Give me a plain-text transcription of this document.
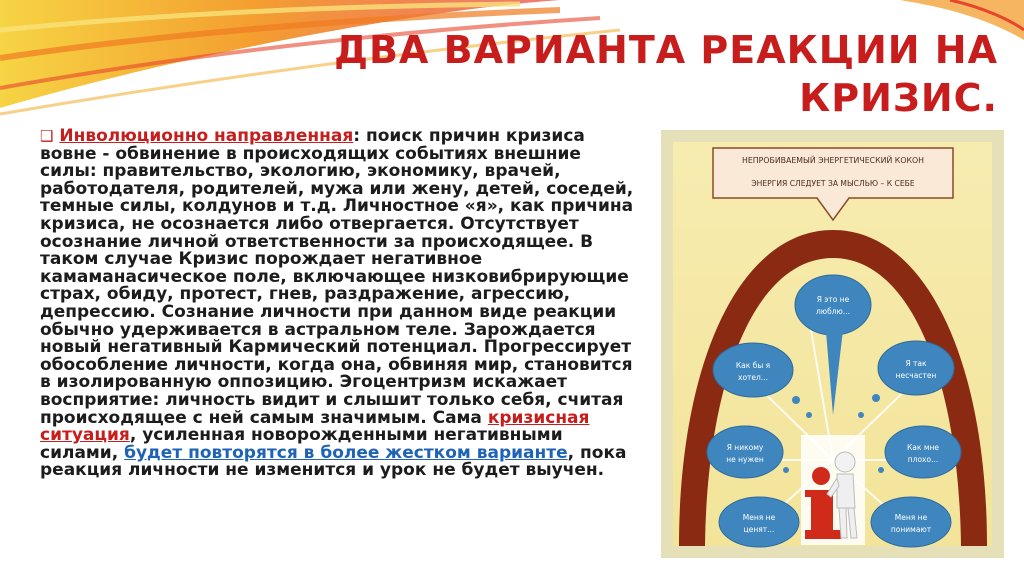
ДВА ВАРИАНТА РЕАКЦИИ НА
КРИЗИС.

❑ Инволюционно направленная: поиск причин кризиса вовне - обвинение в происходящих событиях внешние силы: правительство, экологию, экономику, врачей, работодателя, родителей, мужа или жену, детей, соседей, темные силы, колдунов и т.д. Личностное «я», как причина кризиса, не осознается либо отвергается. Отсутствует осознание личной ответственности за происходящее. В таком случае Кризис порождает негативное камаманасическое поле, включающее низковибрирующие страх, обиду, протест, гнев, раздражение, агрессию, депрессию. Сознание личности при данном виде реакции обычно удерживается в астральном теле. Зарождается новый негативный Кармический потенциал. Прогрессирует обособление личности, когда она, обвиняя мир, становится в изолированную оппозицию. Эгоцентризм искажает восприятие: личность видит и слышит только себя, считая происходящее с ней самым значимым. Сама кризисная ситуация, усиленная новорожденными негативными силами, будет повторятся в более жестком варианте, пока реакция личности не изменится и урок не будет выучен.

НЕПРОБИВАЕМЫЙ ЭНЕРГЕТИЧЕСКИЙ КОКОН
ЭНЕРГИЯ СЛЕДУЕТ ЗА МЫСЛЬЮ – К СЕБЕ
Я это не
люблю...
Как бы я
хотел...
Я так
несчастен
Я никому
не нужен
Как мне
плохо...
Меня не
ценят...
Меня не
понимают
